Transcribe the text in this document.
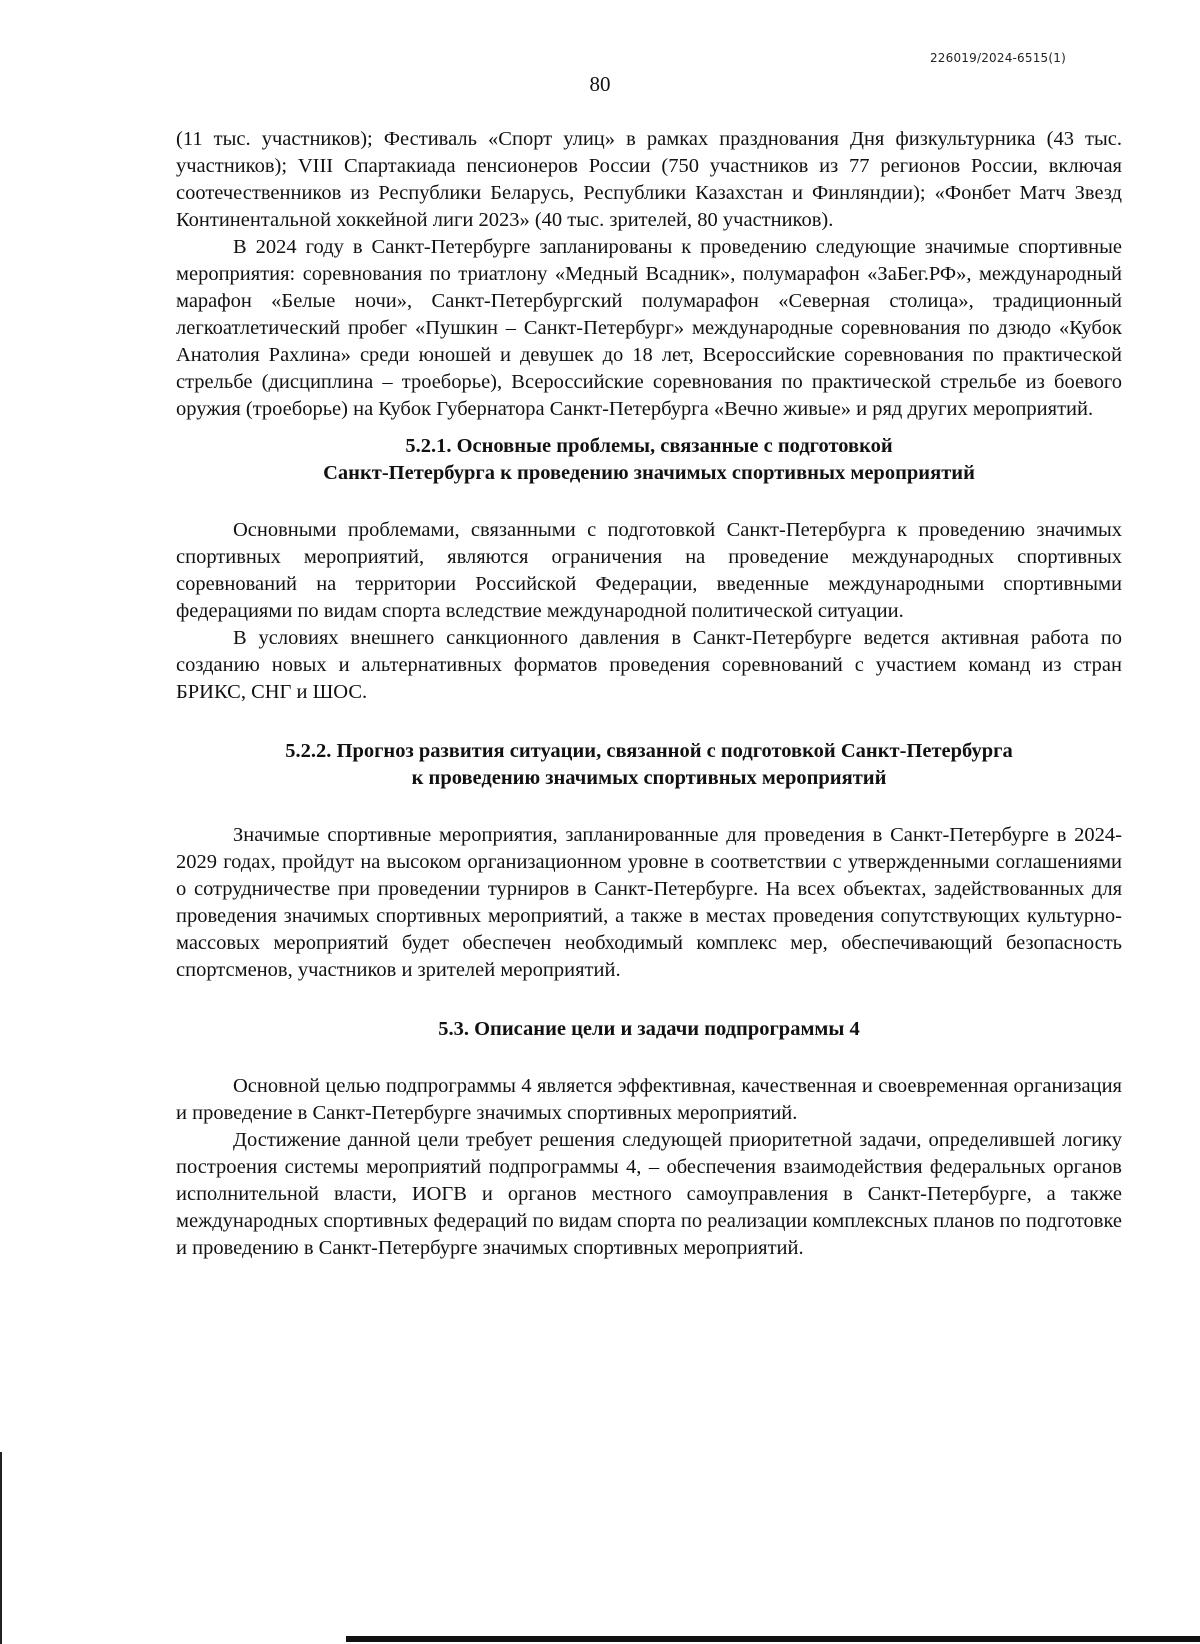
226019/2024-6515(1)
80

(11 тыс. участников); Фестиваль «Спорт улиц» в рамках празднования Дня физкультурника (43 тыс. участников); VIII Спартакиада пенсионеров России (750 участников из 77 регионов России, включая соотечественников из Республики Беларусь, Республики Казахстан и Финляндии); «Фонбет Матч Звезд Континентальной хоккейной лиги 2023» (40 тыс. зрителей, 80 участников).

В 2024 году в Санкт-Петербурге запланированы к проведению следующие значимые спортивные мероприятия: соревнования по триатлону «Медный Всадник», полумарафон «ЗаБег.РФ», международный марафон «Белые ночи», Санкт-Петербургский полумарафон «Северная столица», традиционный легкоатлетический пробег «Пушкин – Санкт-Петербург» международные соревнования по дзюдо «Кубок Анатолия Рахлина» среди юношей и девушек до 18 лет, Всероссийские соревнования по практической стрельбе (дисциплина – троеборье), Всероссийские соревнования по практической стрельбе из боевого оружия (троеборье) на Кубок Губернатора Санкт-Петербурга «Вечно живые» и ряд других мероприятий.

5.2.1. Основные проблемы, связанные с подготовкой
Санкт-Петербурга к проведению значимых спортивных мероприятий

Основными проблемами, связанными с подготовкой Санкт-Петербурга к проведению значимых спортивных мероприятий, являются ограничения на проведение международных спортивных соревнований на территории Российской Федерации, введенные международными спортивными федерациями по видам спорта вследствие международной политической ситуации.

В условиях внешнего санкционного давления в Санкт-Петербурге ведется активная работа по созданию новых и альтернативных форматов проведения соревнований с участием команд из стран БРИКС, СНГ и ШОС.

5.2.2. Прогноз развития ситуации, связанной с подготовкой Санкт-Петербурга
к проведению значимых спортивных мероприятий

Значимые спортивные мероприятия, запланированные для проведения в Санкт-Петербурге в 2024-2029 годах, пройдут на высоком организационном уровне в соответствии с утвержденными соглашениями о сотрудничестве при проведении турниров в Санкт-Петербурге. На всех объектах, задействованных для проведения значимых спортивных мероприятий, а также в местах проведения сопутствующих культурно-массовых мероприятий будет обеспечен необходимый комплекс мер, обеспечивающий безопасность спортсменов, участников и зрителей мероприятий.

5.3. Описание цели и задачи подпрограммы 4

Основной целью подпрограммы 4 является эффективная, качественная и своевременная организация и проведение в Санкт-Петербурге значимых спортивных мероприятий.

Достижение данной цели требует решения следующей приоритетной задачи, определившей логику построения системы мероприятий подпрограммы 4, – обеспечения взаимодействия федеральных органов исполнительной власти, ИОГВ и органов местного самоуправления в Санкт-Петербурге, а также международных спортивных федераций по видам спорта по реализации комплексных планов по подготовке и проведению в Санкт-Петербурге значимых спортивных мероприятий.
